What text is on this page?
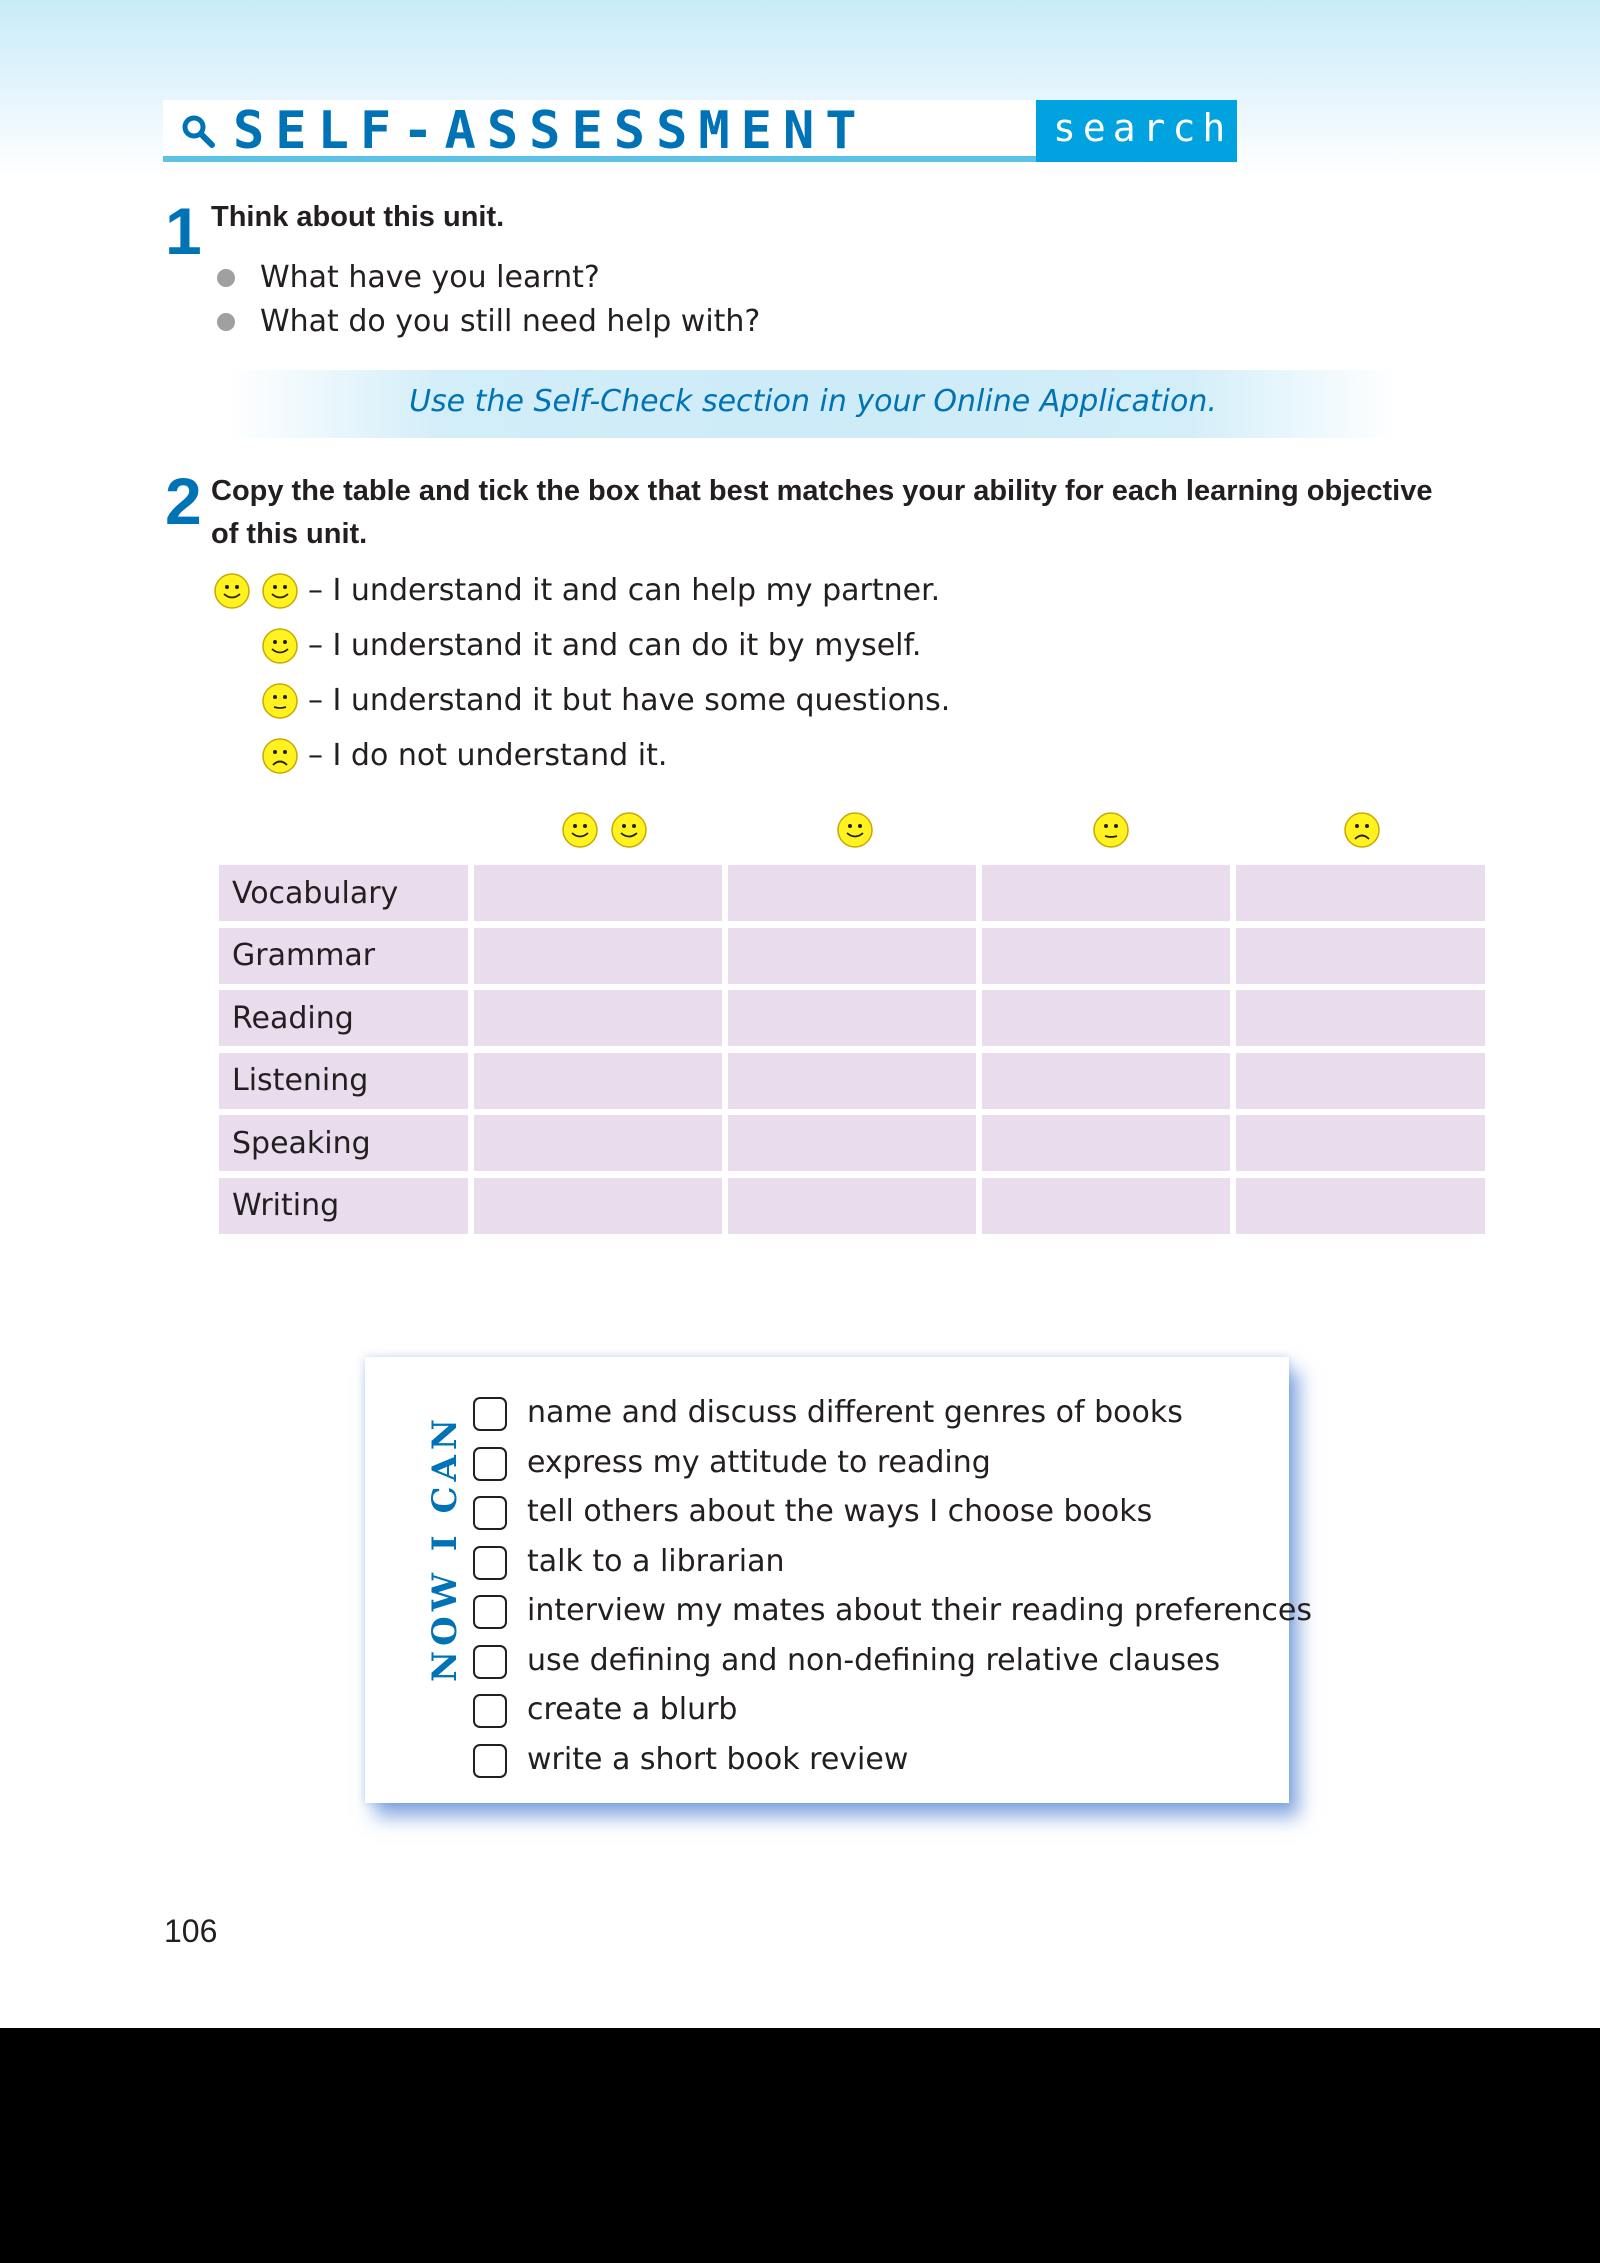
SELF-ASSESSMENT	search
1 Think about this unit.
What have you learnt?
What do you still need help with?
Use the Self-Check section in your Online Application.
2 Copy the table and tick the box that best matches your ability for each learning objective
of this unit.
– I understand it and can help my partner.
– I understand it and can do it by myself.
– I understand it but have some questions.
– I do not understand it.
Vocabulary
Grammar
Reading
Listening
Speaking
Writing
NOW I CAN
name and discuss different genres of books
express my attitude to reading
tell others about the ways I choose books
talk to a librarian
interview my mates about their reading preferences
use defining and non-defining relative clauses
create a blurb
write a short book review
106
